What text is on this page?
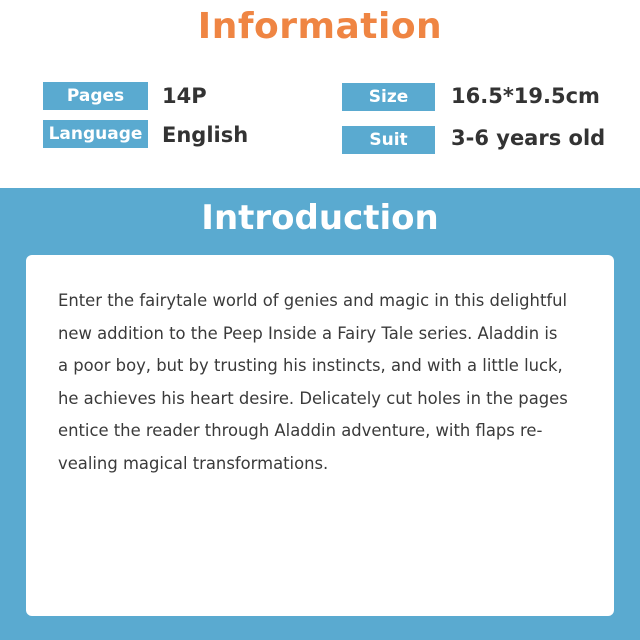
Information
Pages	14P
Language English
Size	16.5*19.5cm
Suit	3-6 years old
Introduction
Enter the fairytale world of genies and magic in this delightful
new addition to the Peep Inside a Fairy Tale series. Aladdin is
a poor boy, but by trusting his instincts, and with a little luck,
he achieves his heart desire. Delicately cut holes in the pages
entice the reader through Aladdin adventure, with flaps re-
vealing magical transformations.
